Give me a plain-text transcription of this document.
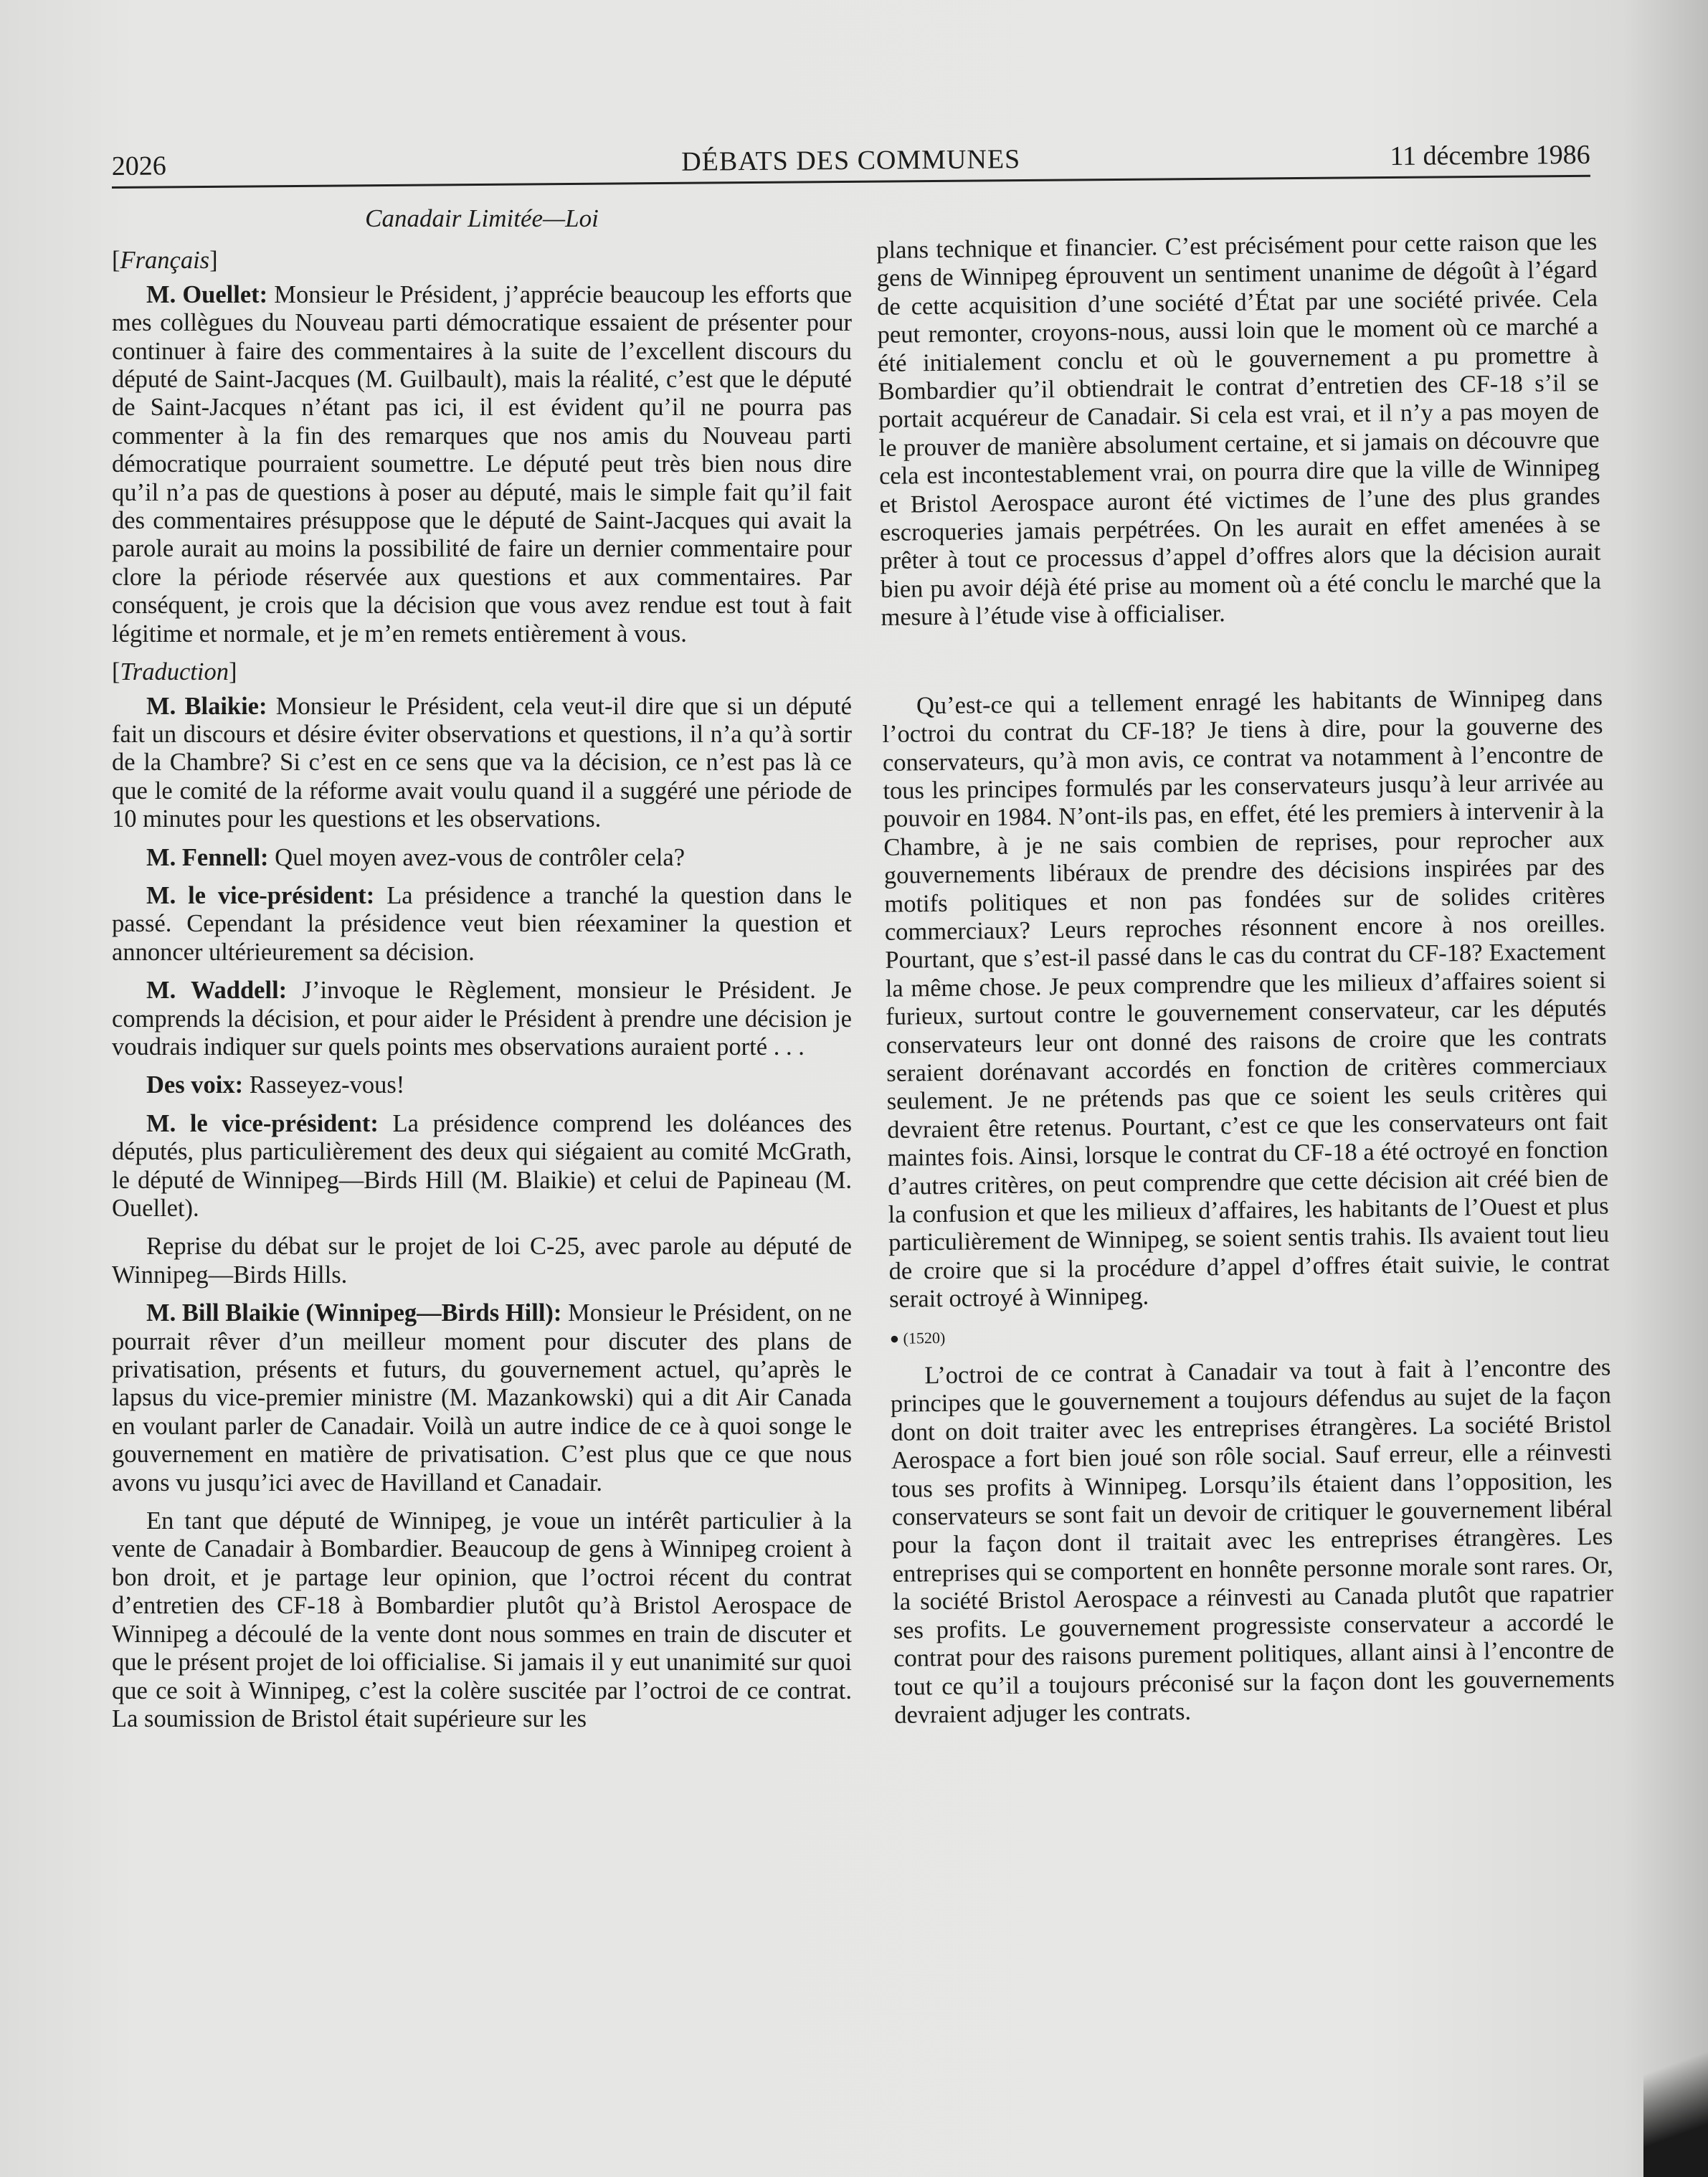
2026	DÉBATS DES COMMUNES	11 décembre 1986
Canadair Limitée—Loi
[Français]

M. Ouellet: Monsieur le Président, j’apprécie beaucoup les efforts que mes collègues du Nouveau parti démocratique essaient de présenter pour continuer à faire des commentaires à la suite de l’excellent discours du député de Saint-Jacques (M. Guilbault), mais la réalité, c’est que le député de Saint-Jacques n’étant pas ici, il est évident qu’il ne pourra pas commenter à la fin des remarques que nos amis du Nouveau parti démocratique pourraient soumettre. Le député peut très bien nous dire qu’il n’a pas de questions à poser au député, mais le simple fait qu’il fait des commentaires présuppose que le député de Saint-Jacques qui avait la parole aurait au moins la possibilité de faire un dernier commentaire pour clore la période réservée aux questions et aux commentaires. Par conséquent, je crois que la décision que vous avez rendue est tout à fait légitime et normale, et je m’en remets entièrement à vous.

[Traduction]

M. Blaikie: Monsieur le Président, cela veut-il dire que si un député fait un discours et désire éviter observations et questions, il n’a qu’à sortir de la Chambre? Si c’est en ce sens que va la décision, ce n’est pas là ce que le comité de la réforme avait voulu quand il a suggéré une période de 10 minutes pour les questions et les observations.

M. Fennell: Quel moyen avez-vous de contrôler cela?

M. le vice-président: La présidence a tranché la question dans le passé. Cependant la présidence veut bien réexaminer la question et annoncer ultérieurement sa décision.

M. Waddell: J’invoque le Règlement, monsieur le Président. Je comprends la décision, et pour aider le Président à prendre une décision je voudrais indiquer sur quels points mes observations auraient porté . . .

Des voix: Rasseyez-vous!

M. le vice-président: La présidence comprend les doléances des députés, plus particulièrement des deux qui siégaient au comité McGrath, le député de Winnipeg—Birds Hill (M. Blaikie) et celui de Papineau (M. Ouellet).

Reprise du débat sur le projet de loi C-25, avec parole au député de Winnipeg—Birds Hills.

M. Bill Blaikie (Winnipeg—Birds Hill): Monsieur le Président, on ne pourrait rêver d’un meilleur moment pour discuter des plans de privatisation, présents et futurs, du gouvernement actuel, qu’après le lapsus du vice-premier ministre (M. Mazankowski) qui a dit Air Canada en voulant parler de Canadair. Voilà un autre indice de ce à quoi songe le gouvernement en matière de privatisation. C’est plus que ce que nous avons vu jusqu’ici avec de Havilland et Canadair.

En tant que député de Winnipeg, je voue un intérêt particulier à la vente de Canadair à Bombardier. Beaucoup de gens à Winnipeg croient à bon droit, et je partage leur opinion, que l’octroi récent du contrat d’entretien des CF-18 à Bombardier plutôt qu’à Bristol Aerospace de Winnipeg a découlé de la vente dont nous sommes en train de discuter et que le présent projet de loi officialise. Si jamais il y eut unanimité sur quoi que ce soit à Winnipeg, c’est la colère suscitée par l’octroi de ce contrat. La soumission de Bristol était supérieure sur les

plans technique et financier. C’est précisément pour cette raison que les gens de Winnipeg éprouvent un sentiment unanime de dégoût à l’égard de cette acquisition d’une société d’État par une société privée. Cela peut remonter, croyons-nous, aussi loin que le moment où ce marché a été initialement conclu et où le gouvernement a pu promettre à Bombardier qu’il obtiendrait le contrat d’entretien des CF-18 s’il se portait acquéreur de Canadair. Si cela est vrai, et il n’y a pas moyen de le prouver de manière absolument certaine, et si jamais on découvre que cela est incontestablement vrai, on pourra dire que la ville de Winnipeg et Bristol Aerospace auront été victimes de l’une des plus grandes escroqueries jamais perpétrées. On les aurait en effet amenées à se prêter à tout ce processus d’appel d’offres alors que la décision aurait bien pu avoir déjà été prise au moment où a été conclu le marché que la mesure à l’étude vise à officialiser.

Qu’est-ce qui a tellement enragé les habitants de Winnipeg dans l’octroi du contrat du CF-18? Je tiens à dire, pour la gouverne des conservateurs, qu’à mon avis, ce contrat va notamment à l’encontre de tous les principes formulés par les conservateurs jusqu’à leur arrivée au pouvoir en 1984. N’ont-ils pas, en effet, été les premiers à intervenir à la Chambre, à je ne sais combien de reprises, pour reprocher aux gouvernements libéraux de prendre des décisions inspirées par des motifs politiques et non pas fondées sur de solides critères commerciaux? Leurs reproches résonnent encore à nos oreilles. Pourtant, que s’est-il passé dans le cas du contrat du CF-18? Exactement la même chose. Je peux comprendre que les milieux d’affaires soient si furieux, surtout contre le gouvernement conservateur, car les députés conservateurs leur ont donné des raisons de croire que les contrats seraient dorénavant accordés en fonction de critères commerciaux seulement. Je ne prétends pas que ce soient les seuls critères qui devraient être retenus. Pourtant, c’est ce que les conservateurs ont fait maintes fois. Ainsi, lorsque le contrat du CF-18 a été octroyé en fonction d’autres critères, on peut comprendre que cette décision ait créé bien de la confusion et que les milieux d’affaires, les habitants de l’Ouest et plus particulièrement de Winnipeg, se soient sentis trahis. Ils avaient tout lieu de croire que si la procédure d’appel d’offres était suivie, le contrat serait octroyé à Winnipeg.

● (1520)

L’octroi de ce contrat à Canadair va tout à fait à l’encontre des principes que le gouvernement a toujours défendus au sujet de la façon dont on doit traiter avec les entreprises étrangères. La société Bristol Aerospace a fort bien joué son rôle social. Sauf erreur, elle a réinvesti tous ses profits à Winnipeg. Lorsqu’ils étaient dans l’opposition, les conservateurs se sont fait un devoir de critiquer le gouvernement libéral pour la façon dont il traitait avec les entreprises étrangères. Les entreprises qui se comportent en honnête personne morale sont rares. Or, la société Bristol Aerospace a réinvesti au Canada plutôt que rapatrier ses profits. Le gouvernement progressiste conservateur a accordé le contrat pour des raisons purement politiques, allant ainsi à l’encontre de tout ce qu’il a toujours préconisé sur la façon dont les gouvernements devraient adjuger les contrats.
